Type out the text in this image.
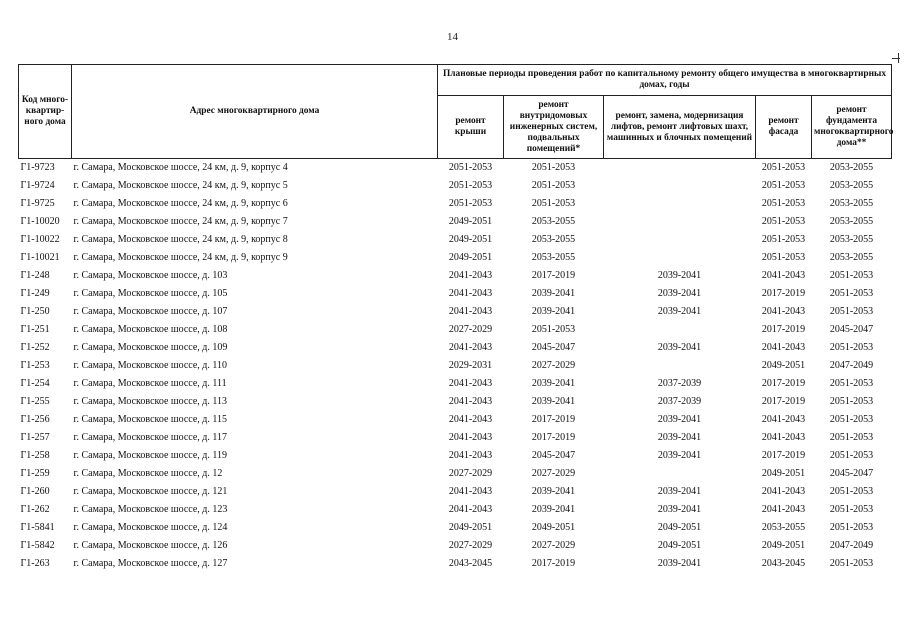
14
Код много-квартир-ного дома	Адрес многоквартирного дома	Плановые периоды проведения работ по капитальному ремонту общего имущества в многоквартирных домах, годы				
		ремонт крыши	ремонт внутридомовых инженерных систем, подвальных помещений*	ремонт, замена, модернизация лифтов, ремонт лифтовых шахт, машинных и блочных помещений	ремонт фасада	ремонт фундамента многоквартирного дома**
Г1-9723	г. Самара, Московское шоссе, 24 км, д. 9, корпус 4	2051-2053	2051-2053		2051-2053	2053-2055
Г1-9724	г. Самара, Московское шоссе, 24 км, д. 9, корпус 5	2051-2053	2051-2053		2051-2053	2053-2055
Г1-9725	г. Самара, Московское шоссе, 24 км, д. 9, корпус 6	2051-2053	2051-2053		2051-2053	2053-2055
Г1-10020	г. Самара, Московское шоссе, 24 км, д. 9, корпус 7	2049-2051	2053-2055		2051-2053	2053-2055
Г1-10022	г. Самара, Московское шоссе, 24 км, д. 9, корпус 8	2049-2051	2053-2055		2051-2053	2053-2055
Г1-10021	г. Самара, Московское шоссе, 24 км, д. 9, корпус 9	2049-2051	2053-2055		2051-2053	2053-2055
Г1-248	г. Самара, Московское шоссе, д. 103	2041-2043	2017-2019	2039-2041	2041-2043	2051-2053
Г1-249	г. Самара, Московское шоссе, д. 105	2041-2043	2039-2041	2039-2041	2017-2019	2051-2053
Г1-250	г. Самара, Московское шоссе, д. 107	2041-2043	2039-2041	2039-2041	2041-2043	2051-2053
Г1-251	г. Самара, Московское шоссе, д. 108	2027-2029	2051-2053		2017-2019	2045-2047
Г1-252	г. Самара, Московское шоссе, д. 109	2041-2043	2045-2047	2039-2041	2041-2043	2051-2053
Г1-253	г. Самара, Московское шоссе, д. 110	2029-2031	2027-2029		2049-2051	2047-2049
Г1-254	г. Самара, Московское шоссе, д. 111	2041-2043	2039-2041	2037-2039	2017-2019	2051-2053
Г1-255	г. Самара, Московское шоссе, д. 113	2041-2043	2039-2041	2037-2039	2017-2019	2051-2053
Г1-256	г. Самара, Московское шоссе, д. 115	2041-2043	2017-2019	2039-2041	2041-2043	2051-2053
Г1-257	г. Самара, Московское шоссе, д. 117	2041-2043	2017-2019	2039-2041	2041-2043	2051-2053
Г1-258	г. Самара, Московское шоссе, д. 119	2041-2043	2045-2047	2039-2041	2017-2019	2051-2053
Г1-259	г. Самара, Московское шоссе, д. 12	2027-2029	2027-2029		2049-2051	2045-2047
Г1-260	г. Самара, Московское шоссе, д. 121	2041-2043	2039-2041	2039-2041	2041-2043	2051-2053
Г1-262	г. Самара, Московское шоссе, д. 123	2041-2043	2039-2041	2039-2041	2041-2043	2051-2053
Г1-5841	г. Самара, Московское шоссе, д. 124	2049-2051	2049-2051	2049-2051	2053-2055	2051-2053
Г1-5842	г. Самара, Московское шоссе, д. 126	2027-2029	2027-2029	2049-2051	2049-2051	2047-2049
Г1-263	г. Самара, Московское шоссе, д. 127	2043-2045	2017-2019	2039-2041	2043-2045	2051-2053
